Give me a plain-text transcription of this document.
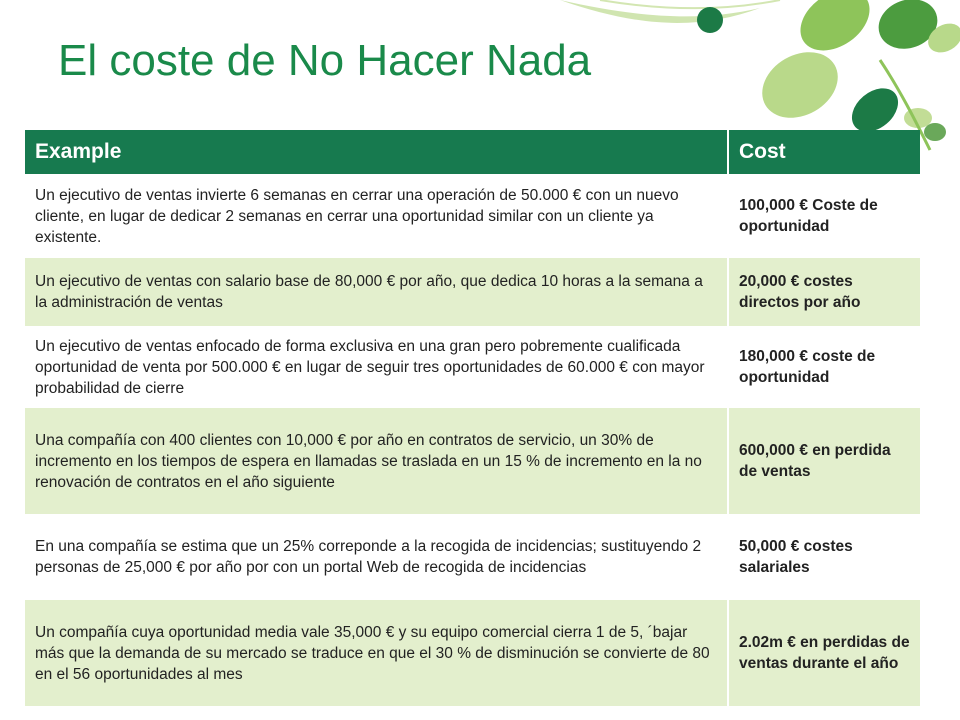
El coste de No Hacer Nada
Example	Cost
Un ejecutivo de ventas invierte 6 semanas en cerrar una operación de 50.000 € con un nuevo cliente, en lugar de dedicar 2 semanas en cerrar una oportunidad similar con un cliente ya existente.	100,000 € Coste de oportunidad
Un ejecutivo de ventas con salario base de 80,000 € por año, que dedica 10 horas a la semana a la administración de ventas	20,000 € costes directos por año
Un ejecutivo de ventas enfocado de forma exclusiva en una gran pero pobremente cualificada oportunidad de venta por 500.000 € en lugar de seguir tres oportunidades de 60.000 € con mayor probabilidad de cierre	180,000 € coste de oportunidad
Una compañía con 400 clientes con 10,000 € por año en contratos de servicio, un 30% de incremento en los tiempos de espera en llamadas se traslada en un 15 % de incremento en la no renovación de contratos en el año siguiente	600,000 € en perdida de ventas
En una compañía se estima que un 25% correponde a la recogida de incidencias; sustituyendo 2 personas de 25,000 € por año por con un portal Web de recogida de incidencias	50,000 € costes salariales
Un compañía cuya oportunidad media vale 35,000 € y su equipo comercial cierra 1 de 5, ´bajar más que la demanda de su mercado se traduce en que el 30 % de disminución se convierte de 80 en el 56 oportunidades al mes	2.02m € en perdidas de ventas durante el año
